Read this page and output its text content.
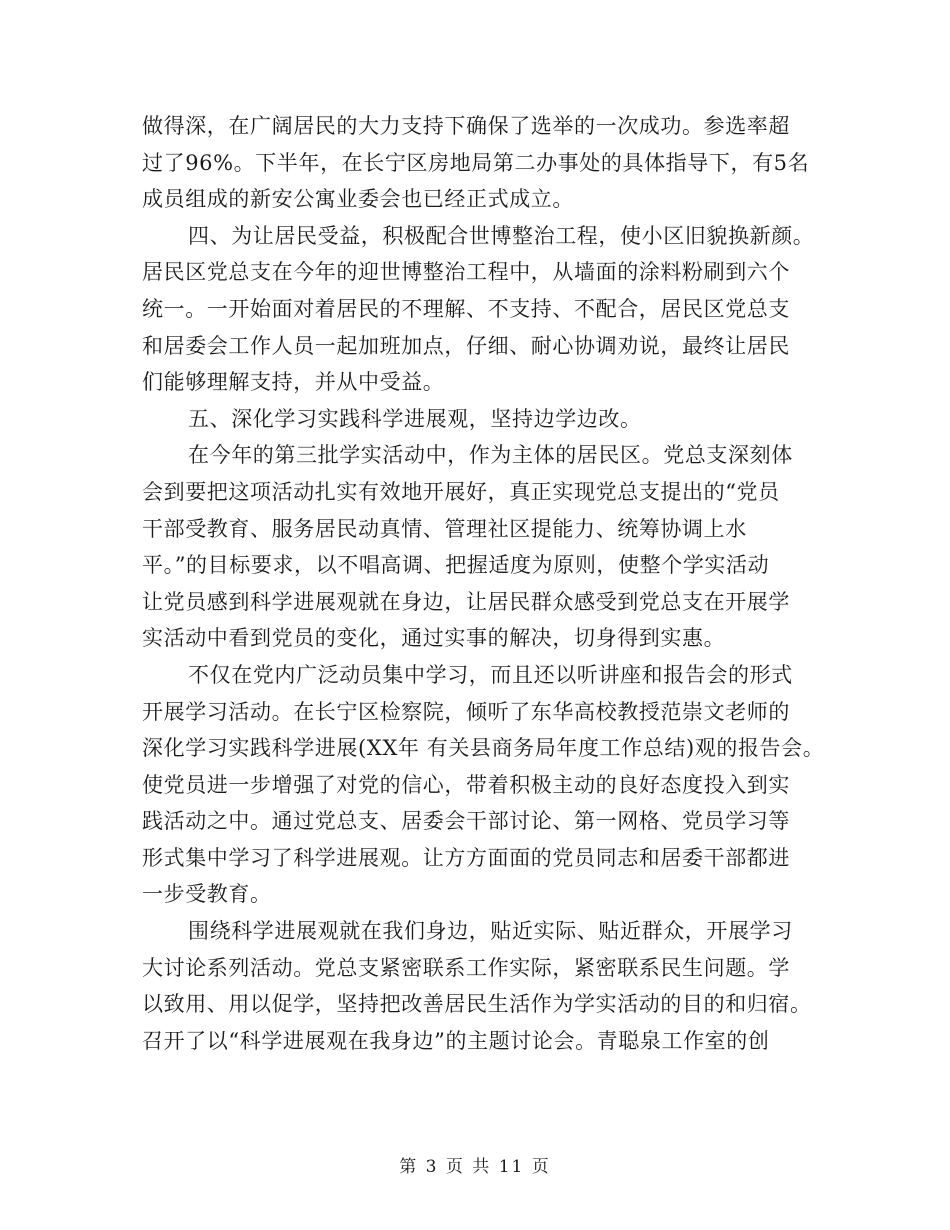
做得深，在广阔居民的大力支持下确保了选举的一次成功。参选率超
过了96%。下半年，在长宁区房地局第二办事处的具体指导下，有5名
成员组成的新安公寓业委会也已经正式成立。
四、为让居民受益，积极配合世博整治工程，使小区旧貌换新颜。
居民区党总支在今年的迎世博整治工程中，从墙面的涂料粉刷到六个
统一。一开始面对着居民的不理解、不支持、不配合，居民区党总支
和居委会工作人员一起加班加点，仔细、耐心协调劝说，最终让居民
们能够理解支持，并从中受益。
五、深化学习实践科学进展观，坚持边学边改。
在今年的第三批学实活动中，作为主体的居民区。党总支深刻体
会到要把这项活动扎实有效地开展好，真正实现党总支提出的“党员
干部受教育、服务居民动真情、管理社区提能力、统筹协调上水
平。”的目标要求，以不唱高调、把握适度为原则，使整个学实活动
让党员感到科学进展观就在身边，让居民群众感受到党总支在开展学
实活动中看到党员的变化，通过实事的解决，切身得到实惠。
不仅在党内广泛动员集中学习，而且还以听讲座和报告会的形式
开展学习活动。在长宁区检察院，倾听了东华高校教授范崇文老师的
深化学习实践科学进展(XX年 有关县商务局年度工作总结)观的报告会。
使党员进一步增强了对党的信心，带着积极主动的良好态度投入到实
践活动之中。通过党总支、居委会干部讨论、第一网格、党员学习等
形式集中学习了科学进展观。让方方面面的党员同志和居委干部都进
一步受教育。
围绕科学进展观就在我们身边，贴近实际、贴近群众，开展学习
大讨论系列活动。党总支紧密联系工作实际，紧密联系民生问题。学
以致用、用以促学，坚持把改善居民生活作为学实活动的目的和归宿。
召开了以“科学进展观在我身边”的主题讨论会。青聪泉工作室的创
第 3 页 共 11 页
